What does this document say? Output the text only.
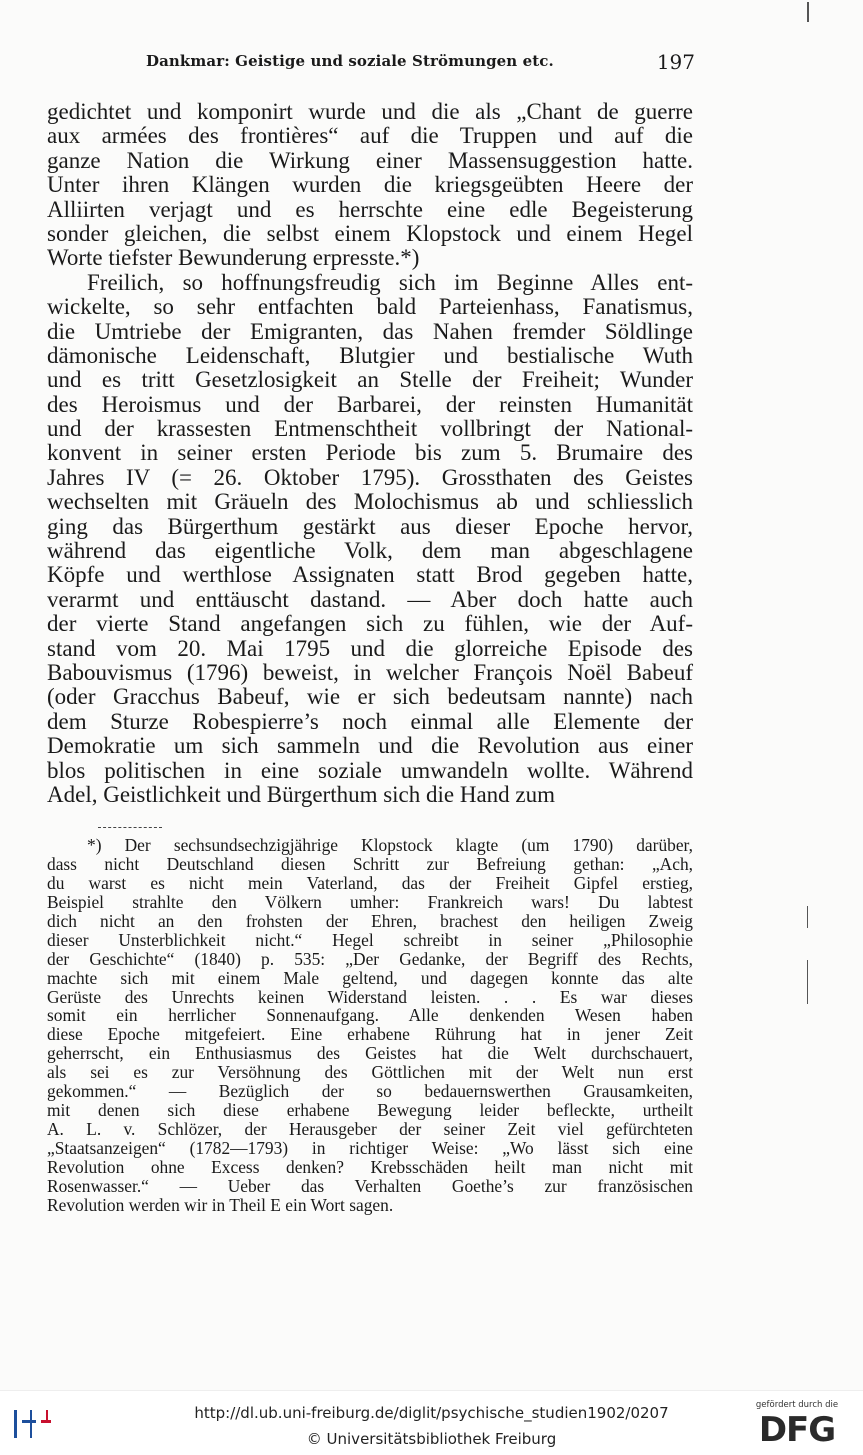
Dankmar: Geistige und soziale Strömungen etc.	197
gedichtet und komponirt wurde und die als „Chant de guerre
aux armées des frontières“ auf die Truppen und auf die
ganze Nation die Wirkung einer Massensuggestion hatte.
Unter ihren Klängen wurden die kriegsgeübten Heere der
Alliirten verjagt und es herrschte eine edle Begeisterung
sonder gleichen, die selbst einem Klopstock und einem Hegel
Worte tiefster Bewunderung erpresste.*)
Freilich, so hoffnungsfreudig sich im Beginne Alles ent-
wickelte, so sehr entfachten bald Parteienhass, Fanatismus,
die Umtriebe der Emigranten, das Nahen fremder Söldlinge
dämonische Leidenschaft, Blutgier und bestialische Wuth
und es tritt Gesetzlosigkeit an Stelle der Freiheit; Wunder
des Heroismus und der Barbarei, der reinsten Humanität
und der krassesten Entmenschtheit vollbringt der National-
konvent in seiner ersten Periode bis zum 5. Brumaire des
Jahres IV (= 26. Oktober 1795). Grossthaten des Geistes
wechselten mit Gräueln des Molochismus ab und schliesslich
ging das Bürgerthum gestärkt aus dieser Epoche hervor,
während das eigentliche Volk, dem man abgeschlagene
Köpfe und werthlose Assignaten statt Brod gegeben hatte,
verarmt und enttäuscht dastand. — Aber doch hatte auch
der vierte Stand angefangen sich zu fühlen, wie der Auf-
stand vom 20. Mai 1795 und die glorreiche Episode des
Babouvismus (1796) beweist, in welcher François Noël Babeuf
(oder Gracchus Babeuf, wie er sich bedeutsam nannte) nach
dem Sturze Robespierre’s noch einmal alle Elemente der
Demokratie um sich sammeln und die Revolution aus einer
blos politischen in eine soziale umwandeln wollte. Während
Adel, Geistlichkeit und Bürgerthum sich die Hand zum
*) Der sechsundsechzigjährige Klopstock klagte (um 1790) darüber,
dass nicht Deutschland diesen Schritt zur Befreiung gethan: „Ach,
du warst es nicht mein Vaterland, das der Freiheit Gipfel erstieg,
Beispiel strahlte den Völkern umher: Frankreich wars! Du labtest
dich nicht an den frohsten der Ehren, brachest den heiligen Zweig
dieser Unsterblichkeit nicht.“ Hegel schreibt in seiner „Philosophie
der Geschichte“ (1840) p. 535: „Der Gedanke, der Begriff des Rechts,
machte sich mit einem Male geltend, und dagegen konnte das alte
Gerüste des Unrechts keinen Widerstand leisten. . . Es war dieses
somit ein herrlicher Sonnenaufgang. Alle denkenden Wesen haben
diese Epoche mitgefeiert. Eine erhabene Rührung hat in jener Zeit
geherrscht, ein Enthusiasmus des Geistes hat die Welt durchschauert,
als sei es zur Versöhnung des Göttlichen mit der Welt nun erst
gekommen.“ — Bezüglich der so bedauernswerthen Grausamkeiten,
mit denen sich diese erhabene Bewegung leider befleckte, urtheilt
A. L. v. Schlözer, der Herausgeber der seiner Zeit viel gefürchteten
„Staatsanzeigen“ (1782—1793) in richtiger Weise: „Wo lässt sich eine
Revolution ohne Excess denken? Krebsschäden heilt man nicht mit
Rosenwasser.“ — Ueber das Verhalten Goethe’s zur französischen
Revolution werden wir in Theil E ein Wort sagen.
http://dl.ub.uni-freiburg.de/diglit/psychische_studien1902/0207
© Universitätsbibliothek Freiburg
gefördert durch die
DFG
